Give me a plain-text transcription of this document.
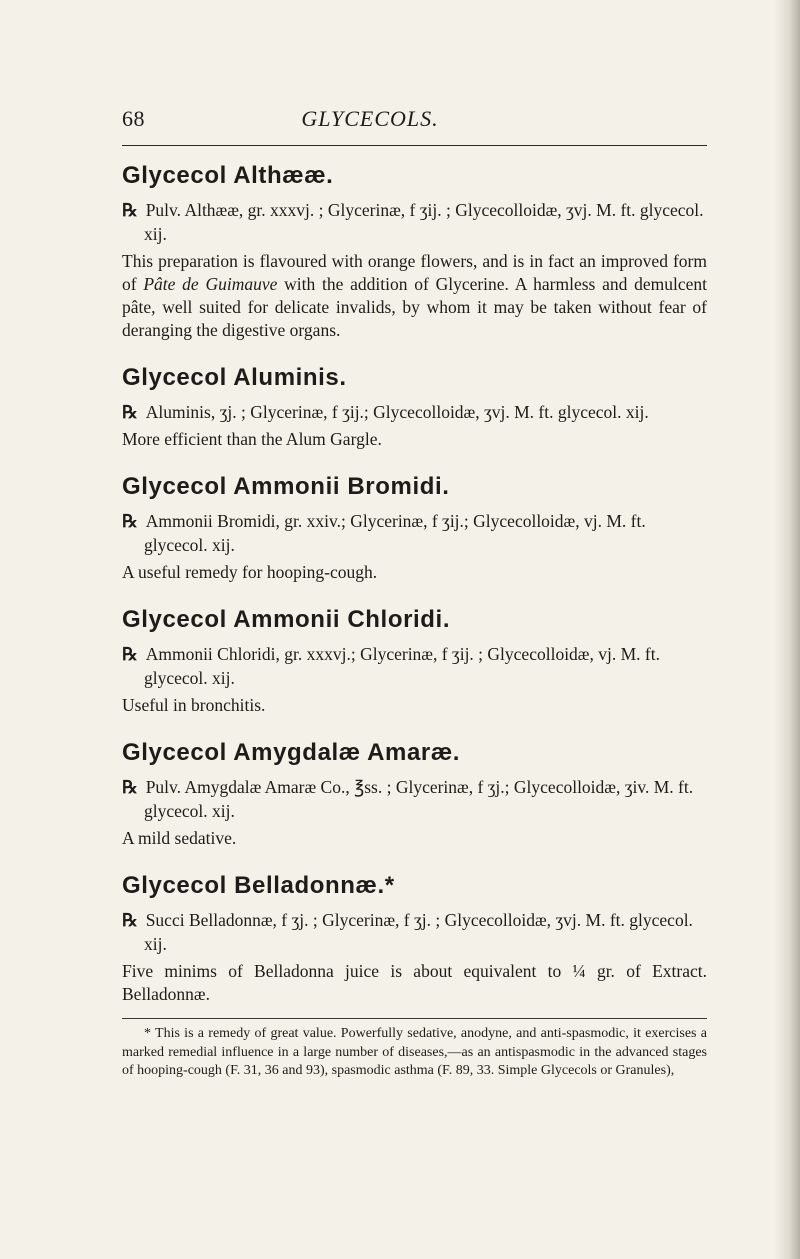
68	GLYCECOLS.
Glycecol Althææ.

℞ Pulv. Althææ, gr. xxxvj. ; Glycerinæ, f ʒij. ; Glycecolloidæ, ʒvj. M. ft. glycecol. xij.

This preparation is flavoured with orange flowers, and is in fact an improved form of Pâte de Guimauve with the addition of Glycerine. A harmless and demulcent pâte, well suited for delicate invalids, by whom it may be taken without fear of deranging the digestive organs.

Glycecol Aluminis.

℞ Aluminis, ʒj. ; Glycerinæ, f ʒij.; Glycecolloidæ, ʒvj. M. ft. glycecol. xij.

More efficient than the Alum Gargle.

Glycecol Ammonii Bromidi.

℞ Ammonii Bromidi, gr. xxiv.; Glycerinæ, f ʒij.; Glycecolloidæ, vj. M. ft. glycecol. xij.

A useful remedy for hooping-cough.

Glycecol Ammonii Chloridi.

℞ Ammonii Chloridi, gr. xxxvj.; Glycerinæ, f ʒij. ; Glycecolloidæ, vj. M. ft. glycecol. xij.

Useful in bronchitis.

Glycecol Amygdalæ Amaræ.

℞ Pulv. Amygdalæ Amaræ Co., ℥ss. ; Glycerinæ, f ʒj.; Glycecolloidæ, ʒiv. M. ft. glycecol. xij.

A mild sedative.

Glycecol Belladonnæ.*

℞ Succi Belladonnæ, f ʒj. ; Glycerinæ, f ʒj. ; Glycecolloidæ, ʒvj. M. ft. glycecol. xij.

Five minims of Belladonna juice is about equivalent to ¼ gr. of Extract. Belladonnæ.

* This is a remedy of great value. Powerfully sedative, anodyne, and anti-spasmodic, it exercises a marked remedial influence in a large number of diseases,—as an antispasmodic in the advanced stages of hooping-cough (F. 31, 36 and 93), spasmodic asthma (F. 89, 33. Simple Glycecols or Granules),
